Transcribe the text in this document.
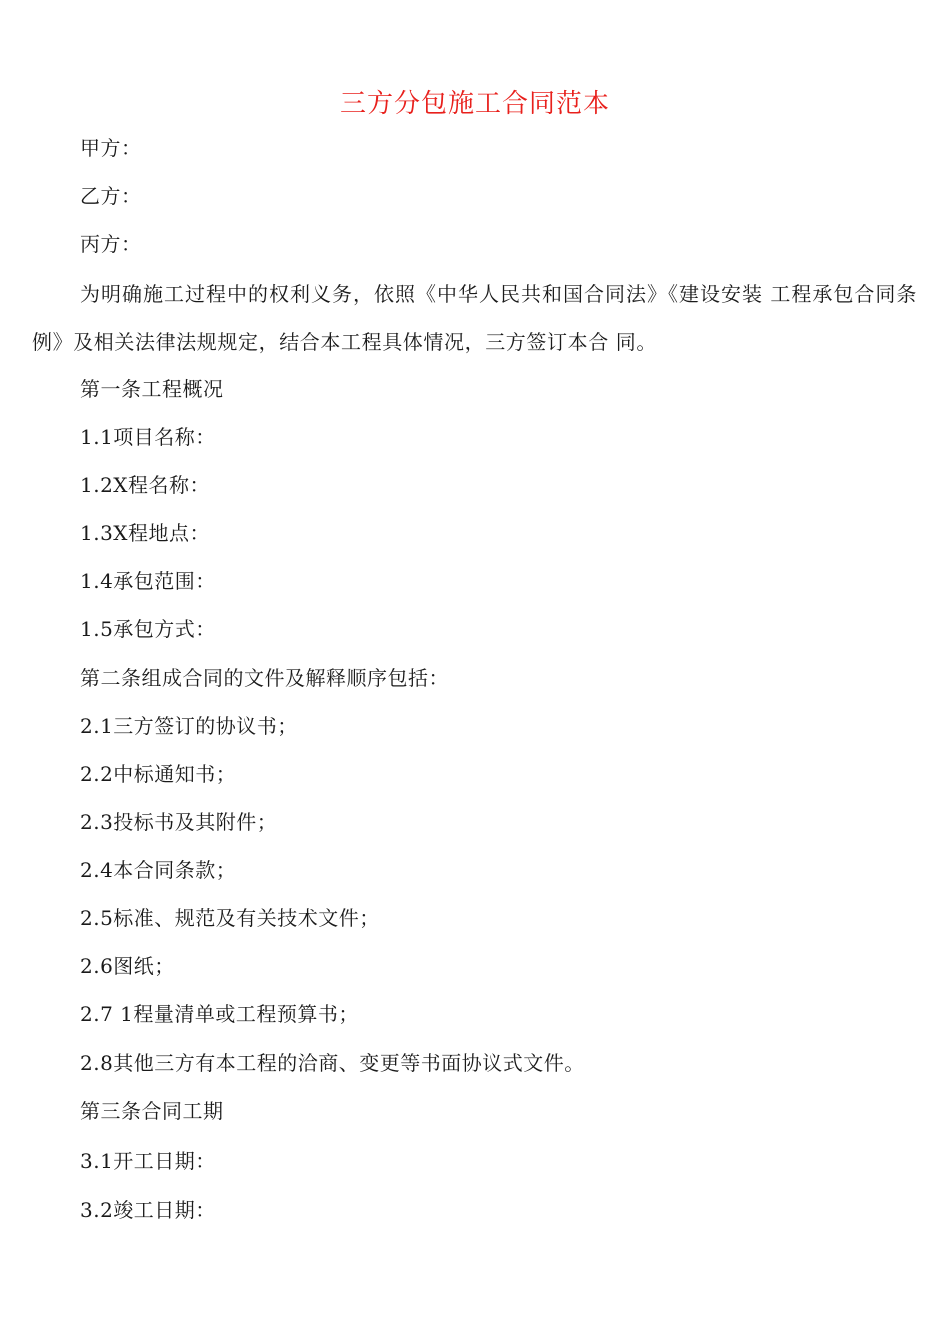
三方分包施工合同范本
甲方：
乙方：
丙方：
为明确施工过程中的权利义务，依照《中华人民共和国合同法》《建设安装 工程承包合同条例》及相关法律法规规定，结合本工程具体情况，三方签订本合 同。
第一条工程概况
1.1项目名称：
1.2X程名称：
1.3X程地点：
1.4承包范围：
1.5承包方式：
第二条组成合同的文件及解释顺序包括：
2.1三方签订的协议书；
2.2中标通知书；
2.3投标书及其附件；
2.4本合同条款；
2.5标准、规范及有关技术文件；
2.6图纸；
2.7 1程量清单或工程预算书；
2.8其他三方有本工程的洽商、变更等书面协议式文件。
第三条合同工期
3.1开工日期：
3.2竣工日期：
